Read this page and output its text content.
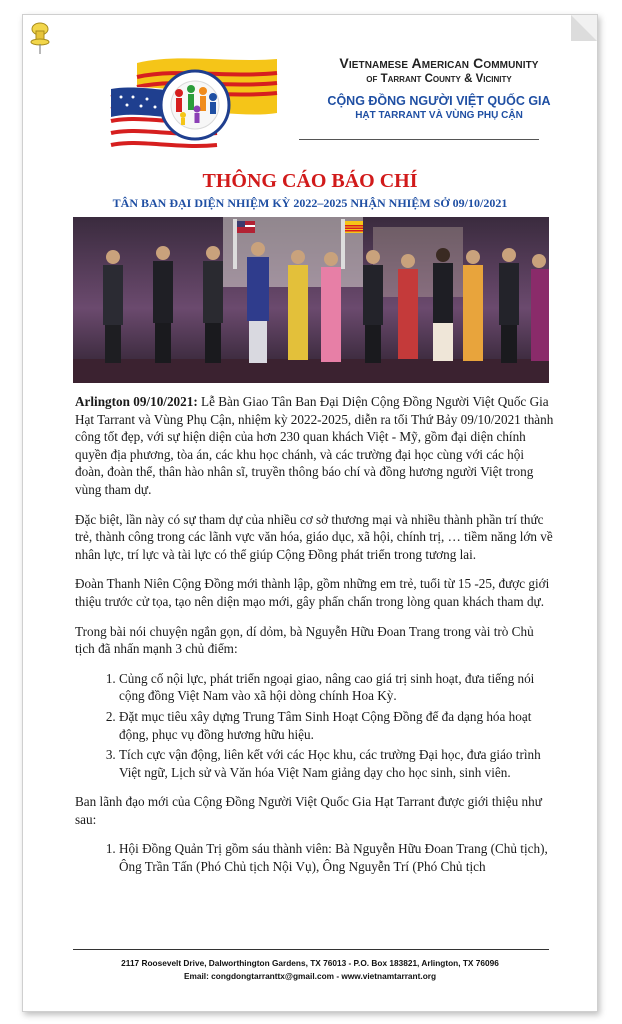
Vietnamese American Community
of Tarrant County & Vicinity
CỘNG ĐỒNG NGƯỜI VIỆT QUỐC GIA
HẠT TARRANT VÀ VÙNG PHỤ CẬN
THÔNG CÁO BÁO CHÍ
TÂN BAN ĐẠI DIỆN NHIỆM KỲ 2022–2025 NHẬN NHIỆM SỞ 09/10/2021

Arlington 09/10/2021: Lễ Bàn Giao Tân Ban Đại Diện Cộng Đồng Người Việt Quốc Gia Hạt Tarrant và Vùng Phụ Cận, nhiệm kỳ 2022-2025, diễn ra tối Thứ Bảy 09/10/2021 thành công tốt đẹp, với sự hiện diện của hơn 230 quan khách Việt - Mỹ, gồm đại diện chính quyền địa phương, tòa án, các khu học chánh, và các trường đại học cùng với các hội đoàn, đoàn thể, thân hào nhân sĩ, truyền thông báo chí và đồng hương người Việt trong vùng tham dự.

Đặc biệt, lần này có sự tham dự của nhiều cơ sở thương mại và nhiều thành phần trí thức trẻ, thành công trong các lãnh vực văn hóa, giáo dục, xã hội, chính trị, … tiềm năng lớn về nhân lực, trí lực và tài lực có thể giúp Cộng Đồng phát triển trong tương lai.

Đoàn Thanh Niên Cộng Đồng mới thành lập, gồm những em trẻ, tuổi từ 15 -25, được giới thiệu trước cử tọa, tạo nên diện mạo mới, gây phấn chấn trong lòng quan khách tham dự.

Trong bài nói chuyện ngắn gọn, dí dỏm, bà Nguyễn Hữu Đoan Trang trong vài trò Chủ tịch đã nhấn mạnh 3 chủ điểm:

1. Củng cố nội lực, phát triển ngoại giao, nâng cao giá trị sinh hoạt, đưa tiếng nói cộng đồng Việt Nam vào xã hội dòng chính Hoa Kỳ.
2. Đặt mục tiêu xây dựng Trung Tâm Sinh Hoạt Cộng Đồng để đa dạng hóa hoạt động, phục vụ đồng hương hữu hiệu.
3. Tích cực vận động, liên kết với các Học khu, các trường Đại học, đưa giáo trình Việt ngữ, Lịch sử và Văn hóa Việt Nam giảng dạy cho học sinh, sinh viên.

Ban lãnh đạo mới của Cộng Đồng Người Việt Quốc Gia Hạt Tarrant được giới thiệu như sau:

1. Hội Đồng Quản Trị gồm sáu thành viên: Bà Nguyễn Hữu Đoan Trang (Chủ tịch), Ông Trần Tấn (Phó Chủ tịch Nội Vụ), Ông Nguyễn Trí (Phó Chủ tịch
2117 Roosevelt Drive, Dalworthington Gardens, TX 76013 - P.O. Box 183821, Arlington, TX 76096
Email: congdongtarranttx@gmail.com - www.vietnamtarrant.org
